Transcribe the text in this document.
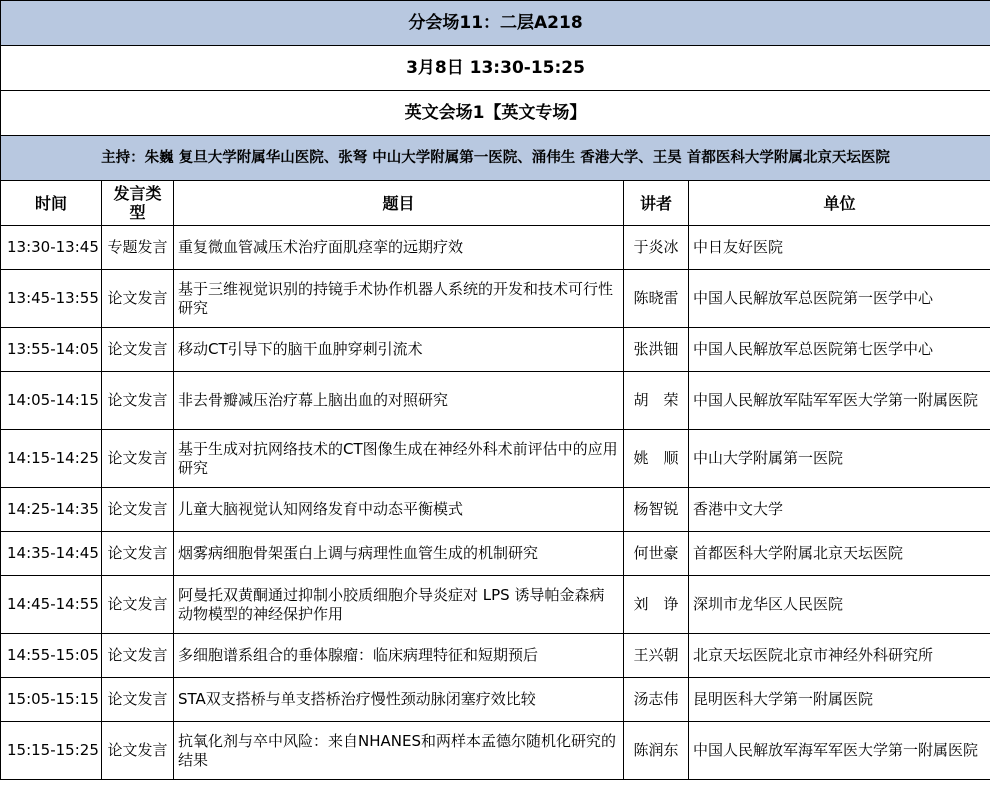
分会场11：二层A218				
3月8日 13:30-15:25				
英文会场1【英文专场】				
主持：朱巍 复旦大学附属华山医院、张弩 中山大学附属第一医院、涌伟生 香港大学、王昊 首都医科大学附属北京天坛医院				
时间	发言类型	题目	讲者	单位
13:30-13:45	专题发言	重复微血管减压术治疗面肌痉挛的远期疗效	于炎冰	中日友好医院
13:45-13:55	论文发言	基于三维视觉识别的持镜手术协作机器人系统的开发和技术可行性研究	陈晓雷	中国人民解放军总医院第一医学中心
13:55-14:05	论文发言	移动CT引导下的脑干血肿穿刺引流术	张洪钿	中国人民解放军总医院第七医学中心
14:05-14:15	论文发言	非去骨瓣减压治疗幕上脑出血的对照研究	胡　荣	中国人民解放军陆军军医大学第一附属医院
14:15-14:25	论文发言	基于生成对抗网络技术的CT图像生成在神经外科术前评估中的应用研究	姚　顺	中山大学附属第一医院
14:25-14:35	论文发言	儿童大脑视觉认知网络发育中动态平衡模式	杨智锐	香港中文大学
14:35-14:45	论文发言	烟雾病细胞骨架蛋白上调与病理性血管生成的机制研究	何世豪	首都医科大学附属北京天坛医院
14:45-14:55	论文发言	阿曼托双黄酮通过抑制小胶质细胞介导炎症对 LPS 诱导帕金森病动物模型的神经保护作用	刘　诤	深圳市龙华区人民医院
14:55-15:05	论文发言	多细胞谱系组合的垂体腺瘤：临床病理特征和短期预后	王兴朝	北京天坛医院北京市神经外科研究所
15:05-15:15	论文发言	STA双支搭桥与单支搭桥治疗慢性颈动脉闭塞疗效比较	汤志伟	昆明医科大学第一附属医院
15:15-15:25	论文发言	抗氧化剂与卒中风险：来自NHANES和两样本孟德尔随机化研究的结果	陈润东	中国人民解放军海军军医大学第一附属医院
